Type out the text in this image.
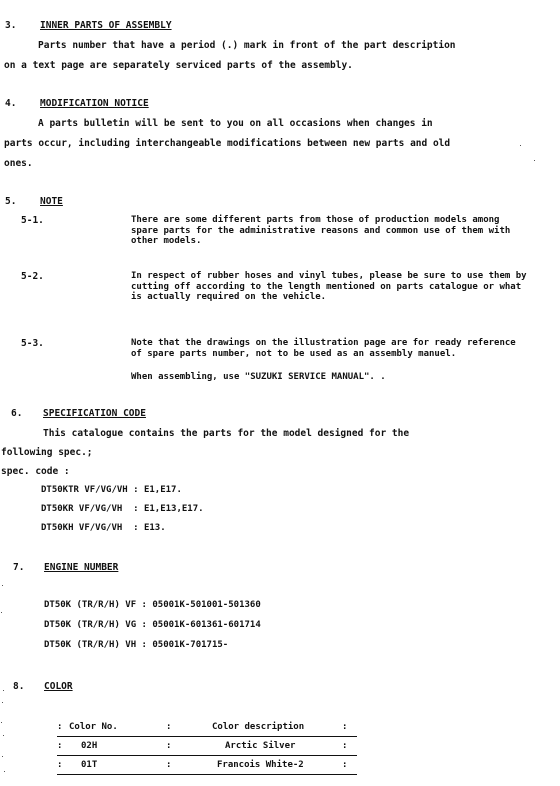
3. INNER PARTS OF ASSEMBLY
Parts number that have a period (.) mark in front of the part description
on a text page are separately serviced parts of the assembly.
4. MODIFICATION NOTICE
A parts bulletin will be sent to you on all occasions when changes in
parts occur, including interchangeable modifications between new parts and old
ones.
5. NOTE
5-1.	There are some different parts from those of production models among spare parts for the administrative reasons and common use of them with other models.
5-2.	In respect of rubber hoses and vinyl tubes, please be sure to use them by cutting off according to the length mentioned on parts catalogue or what is actually required on the vehicle.
5-3.	Note that the drawings on the illustration page are for ready reference of spare parts number, not to be used as an assembly manuel.
When assembling, use "SUZUKI SERVICE MANUAL". .
6. SPECIFICATION CODE
This catalogue contains the parts for the model designed for the
following spec.;
spec. code :
DT50KTR VF/VG/VH : E1,E17.
DT50KR VF/VG/VH  : E1,E13,E17.
DT50KH VF/VG/VH  : E13.
7. ENGINE NUMBER
DT50K (TR/R/H) VF : 05001K-501001-501360
DT50K (TR/R/H) VG : 05001K-601361-601714
DT50K (TR/R/H) VH : 05001K-701715-
8. COLOR
: Color No.	:	Color description	:
: 02H	:	Arctic Silver	:
: 01T	:	Francois White-2	:
